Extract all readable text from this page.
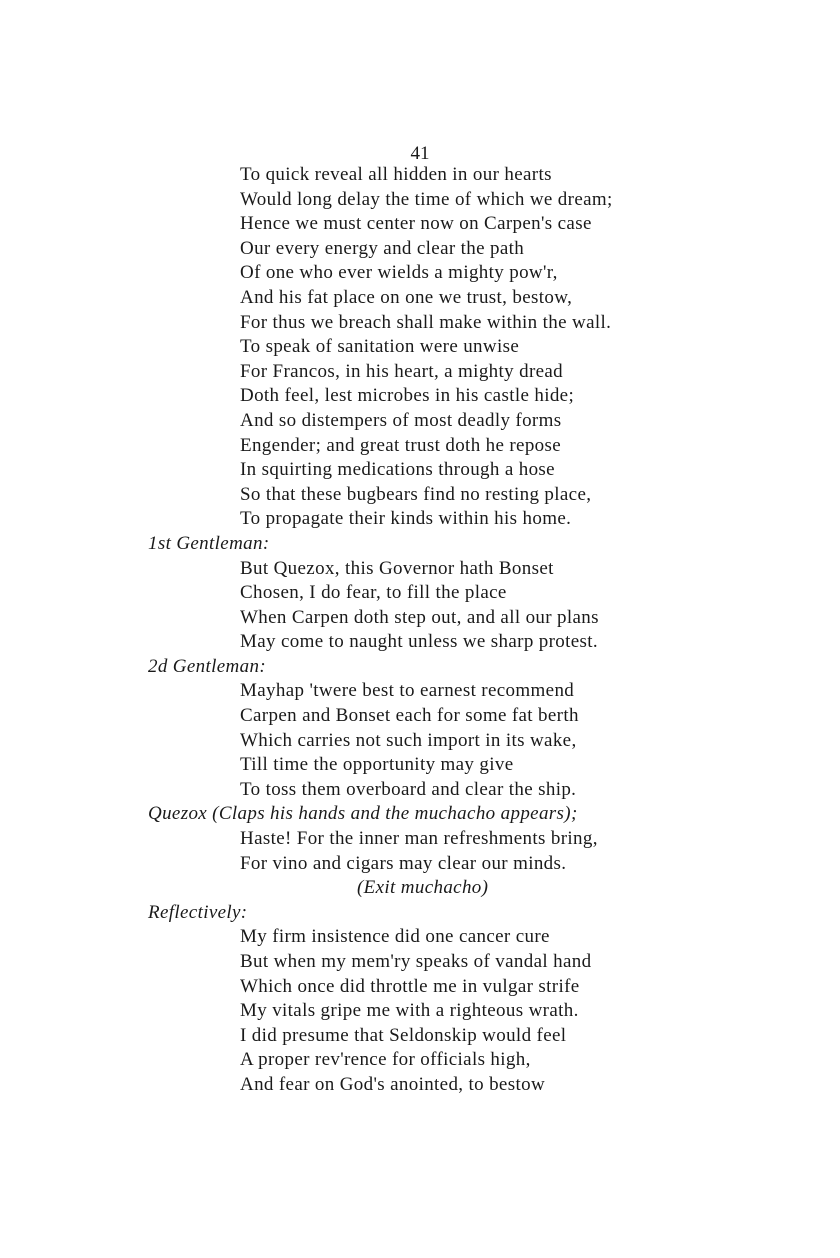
41
To quick reveal all hidden in our hearts
Would long delay the time of which we dream;
Hence we must center now on Carpen's case
Our every energy and clear the path
Of one who ever wields a mighty pow'r,
And his fat place on one we trust, bestow,
For thus we breach shall make within the wall.
To speak of sanitation were unwise
For Francos, in his heart, a mighty dread
Doth feel, lest microbes in his castle hide;
And so distempers of most deadly forms
Engender; and great trust doth he repose
In squirting medications through a hose
So that these bugbears find no resting place,
To propagate their kinds within his home.
1st Gentleman:
But Quezox, this Governor hath Bonset
Chosen, I do fear, to fill the place
When Carpen doth step out, and all our plans
May come to naught unless we sharp protest.
2d Gentleman:
Mayhap 'twere best to earnest recommend
Carpen and Bonset each for some fat berth
Which carries not such import in its wake,
Till time the opportunity may give
To toss them overboard and clear the ship.
Quezox (Claps his hands and the muchacho appears);
Haste! For the inner man refreshments bring,
For vino and cigars may clear our minds.
(Exit muchacho)
Reflectively:
My firm insistence did one cancer cure
But when my mem'ry speaks of vandal hand
Which once did throttle me in vulgar strife
My vitals gripe me with a righteous wrath.
I did presume that Seldonskip would feel
A proper rev'rence for officials high,
And fear on God's anointed, to bestow
